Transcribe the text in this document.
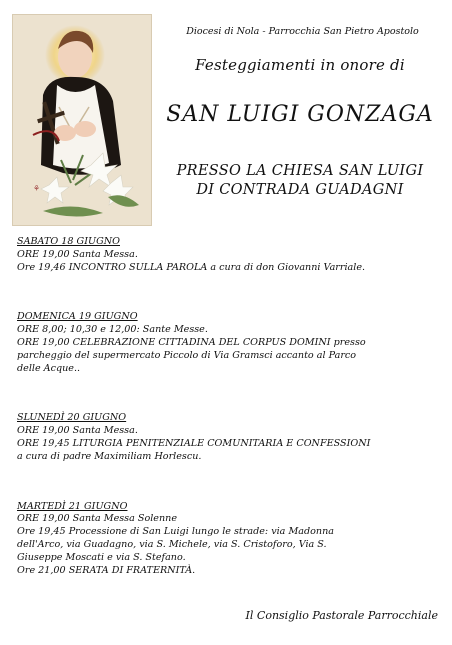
⚘
Diocesi di Nola - Parrocchia San Pietro Apostolo
Festeggiamenti in onore di
SAN LUIGI GONZAGA
PRESSO LA CHIESA SAN LUIGI
DI CONTRADA GUADAGNI
SABATO 18 GIUGNO
ORE 19,00 Santa Messa.
Ore 19,46 INCONTRO SULLA PAROLA a cura di don Giovanni Varriale.
DOMENICA 19 GIUGNO
ORE 8,00; 10,30 e 12,00: Sante Messe.
ORE 19,00 CELEBRAZIONE CITTADINA DEL CORPUS DOMINI presso
parcheggio del supermercato Piccolo di Via Gramsci accanto al Parco
delle Acque..
SLUNEDÌ 20 GIUGNO
ORE 19,00 Santa Messa.
ORE 19,45 LITURGIA PENITENZIALE COMUNITARIA E CONFESSIONI
a cura di padre Maximiliam Horlescu.
MARTEDÌ 21 GIUGNO
ORE 19,00 Santa Messa Solenne
Ore 19,45 Processione di San Luigi lungo le strade: via Madonna
dell'Arco, via Guadagno, via S. Michele, via S. Cristoforo, Via S.
Giuseppe Moscati e via S. Stefano.
Ore 21,00 SERATA DI FRATERNITÀ.
Il Consiglio Pastorale Parrocchiale
